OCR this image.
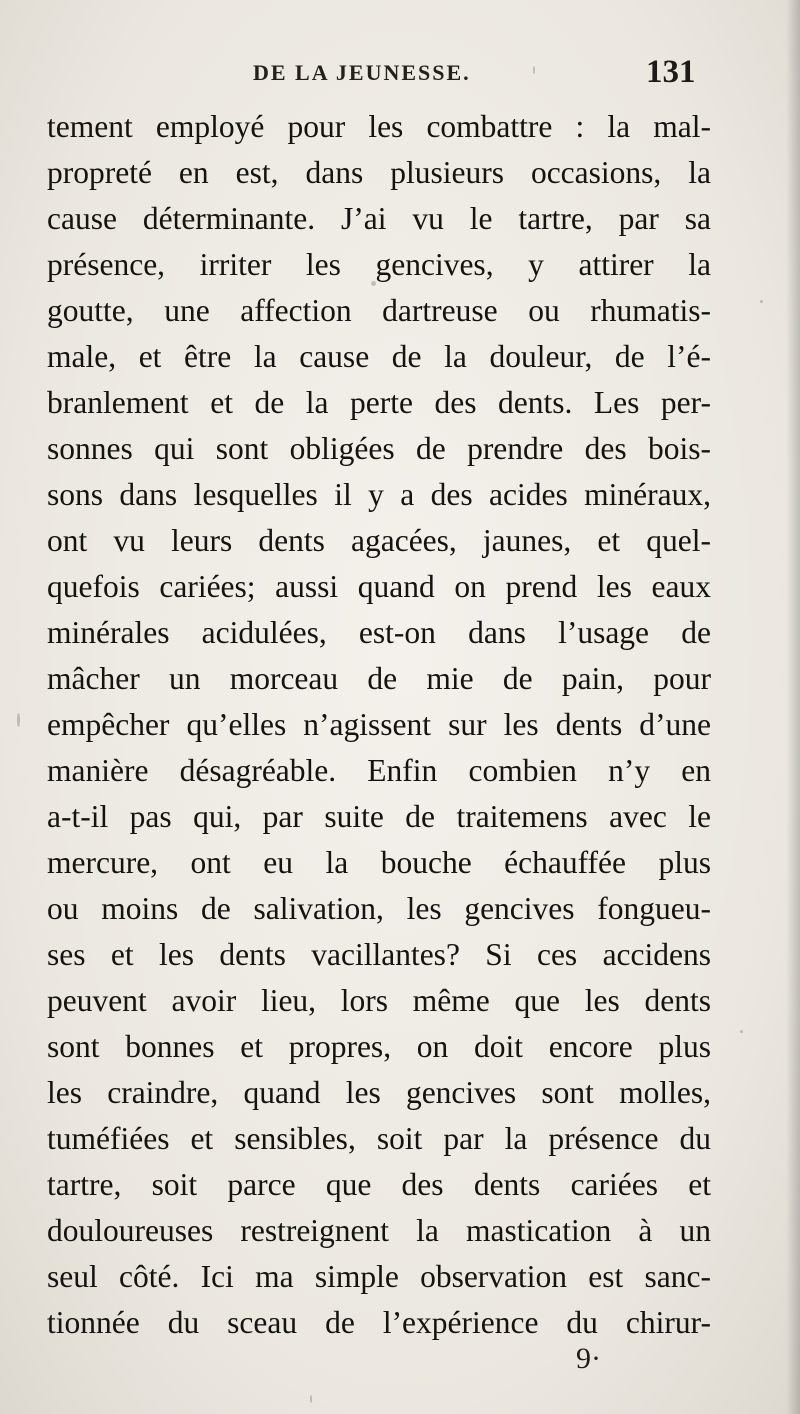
DE LA JEUNESSE.	131
tement employé pour les combattre : la mal-
propreté en est, dans plusieurs occasions, la
cause déterminante. J’ai vu le tartre, par sa
présence, irriter les gencives, y attirer la
goutte, une affection dartreuse ou rhumatis-
male, et être la cause de la douleur, de l’é-
branlement et de la perte des dents. Les per-
sonnes qui sont obligées de prendre des bois-
sons dans lesquelles il y a des acides minéraux,
ont vu leurs dents agacées, jaunes, et quel-
quefois cariées; aussi quand on prend les eaux
minérales acidulées, est-on dans l’usage de
mâcher un morceau de mie de pain, pour
empêcher qu’elles n’agissent sur les dents d’une
manière désagréable. Enfin combien n’y en
a-t-il pas qui, par suite de traitemens avec le
mercure, ont eu la bouche échauffée plus
ou moins de salivation, les gencives fongueu-
ses et les dents vacillantes? Si ces accidens
peuvent avoir lieu, lors même que les dents
sont bonnes et propres, on doit encore plus
les craindre, quand les gencives sont molles,
tuméfiées et sensibles, soit par la présence du
tartre, soit parce que des dents cariées et
douloureuses restreignent la mastication à un
seul côté. Ici ma simple observation est sanc-
tionnée du sceau de l’expérience du chirur-
9·
